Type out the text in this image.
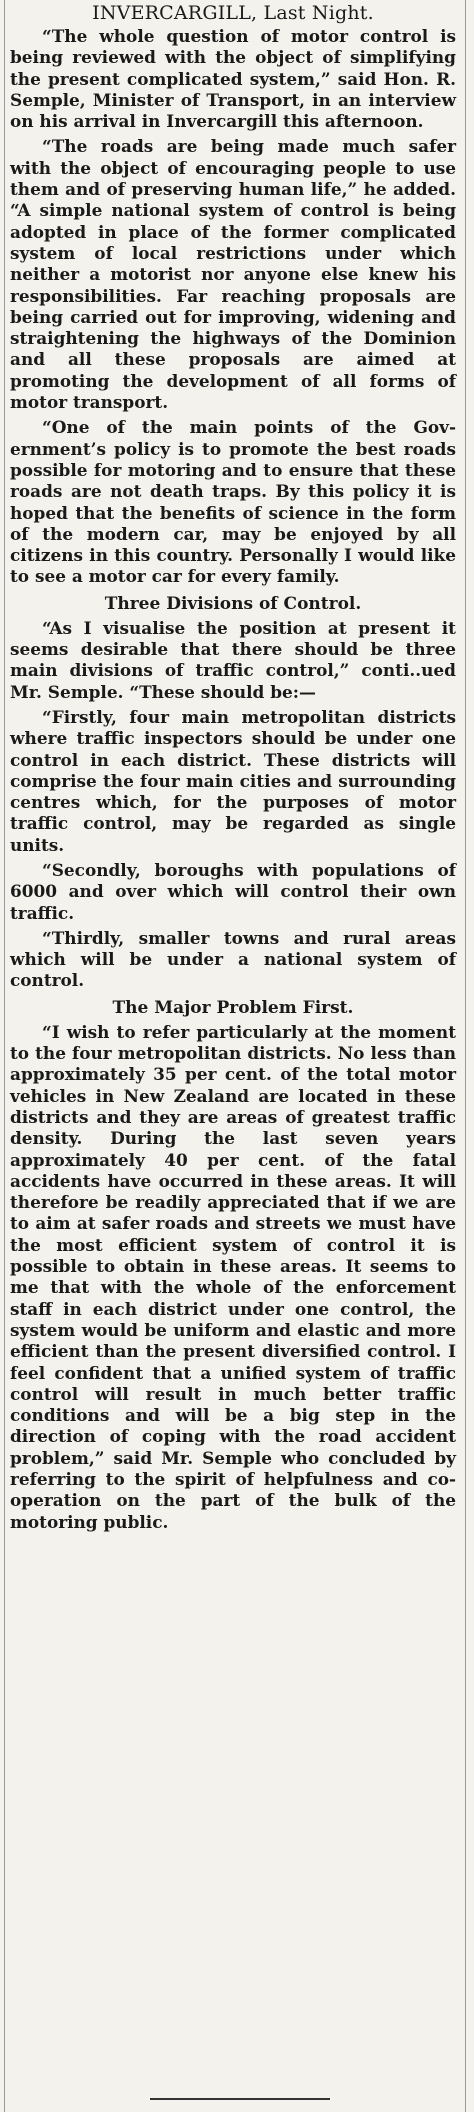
INVERCARGILL, Last Night.

“The whole question of motor control is being reviewed with the object of simplifying the present complicated system,” said Hon. R. Semple, Minister of Transport, in an interview on his arrival in Invercargill this afternoon.

“The roads are being made much safer with the object of encouraging people to use them and of preserving human life,” he added. “A simple national system of control is being adopted in place of the former complicated system of local restrictions under which neither a motorist nor anyone else knew his responsibilities. Far reaching proposals are being carried out for improving, widening and straightening the highways of the Dominion and all these proposals are aimed at promoting the development of all forms of motor transport.

“One of the main points of the Government’s policy is to promote the best roads possible for motoring and to ensure that these roads are not death traps. By this policy it is hoped that the benefits of science in the form of the modern car, may be enjoyed by all citizens in this country. Personally I would like to see a motor car for every family.

Three Divisions of Control.

“As I visualise the position at present it seems desirable that there should be three main divisions of traffic control,” conti..ued Mr. Semple. “These should be:—

“Firstly, four main metropolitan districts where traffic inspectors should be under one control in each district. These districts will comprise the four main cities and surrounding centres which, for the purposes of motor traffic control, may be regarded as single units.

“Secondly, boroughs with populations of 6000 and over which will control their own traffic.

“Thirdly, smaller towns and rural areas which will be under a national system of control.

The Major Problem First.

“I wish to refer particularly at the moment to the four metropolitan districts. No less than approximately 35 per cent. of the total motor vehicles in New Zealand are located in these districts and they are areas of greatest traffic density. During the last seven years approximately 40 per cent. of the fatal accidents have occurred in these areas. It will therefore be readily appreciated that if we are to aim at safer roads and streets we must have the most efficient system of control it is possible to obtain in these areas. It seems to me that with the whole of the enforcement staff in each district under one control, the system would be uniform and elastic and more efficient than the present diversified control. I feel confident that a unified system of traffic control will result in much better traffic conditions and will be a big step in the direction of coping with the road accident problem,” said Mr. Semple who concluded by referring to the spirit of helpfulness and co-operation on the part of the bulk of the motoring public.
